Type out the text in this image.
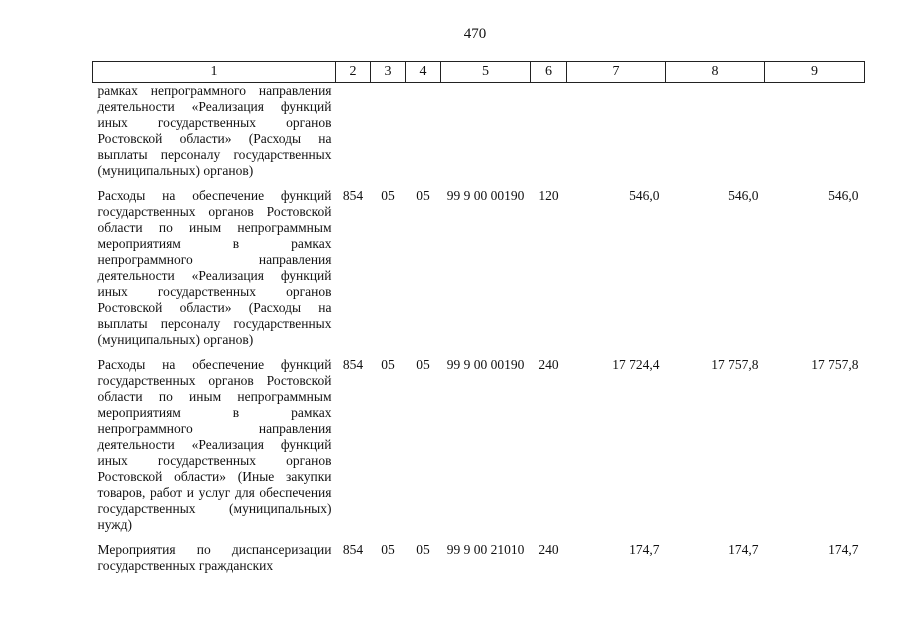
470
1	2	3	4	5	6	7	8	9
рамках непрограммного направления деятельности «Реализация функций иных государственных органов Ростовской области» (Расходы на выплаты персоналу государственных (муниципальных) органов)								
Расходы на обеспечение функций государственных органов Ростовской области по иным непрограммным мероприятиям в рамках непрограммного направления деятельности «Реализация функций иных государственных органов Ростовской области» (Расходы на выплаты персоналу государственных (муниципальных) органов)	854	05	05	99 9 00 00190	120	546,0	546,0	546,0
Расходы на обеспечение функций государственных органов Ростовской области по иным непрограммным мероприятиям в рамках непрограммного направления деятельности «Реализация функций иных государственных органов Ростовской области» (Иные закупки товаров, работ и услуг для обеспечения государственных (муниципальных) нужд)	854	05	05	99 9 00 00190	240	17 724,4	17 757,8	17 757,8
Мероприятия по диспансеризации государственных гражданских	854	05	05	99 9 00 21010	240	174,7	174,7	174,7
